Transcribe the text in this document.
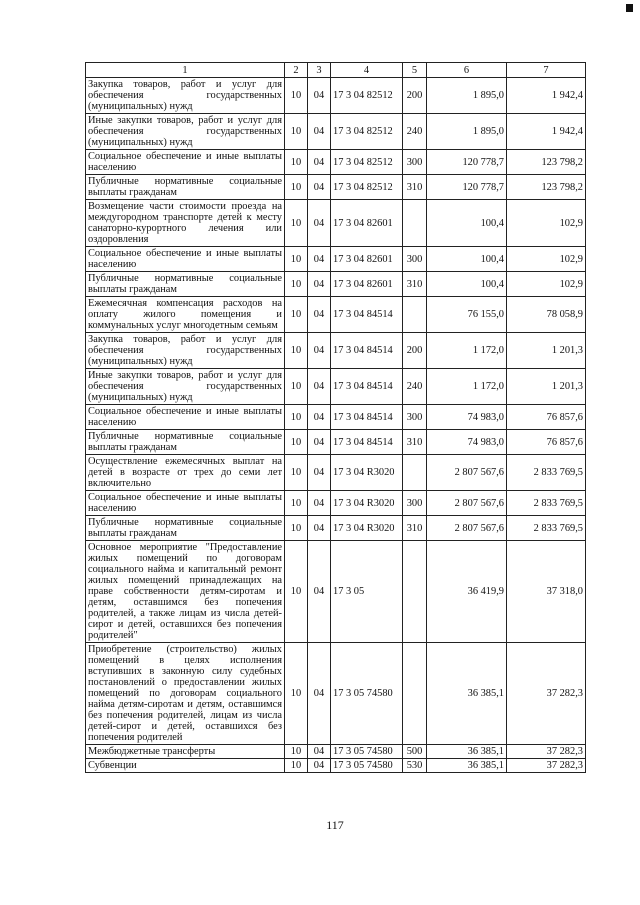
1	2	3	4	5	6	7
Закупка товаров, работ и услуг для обеспечения государственных (муниципальных) нужд	10	04	17 3 04 82512	200	1 895,0	1 942,4
Иные закупки товаров, работ и услуг для обеспечения государственных (муниципальных) нужд	10	04	17 3 04 82512	240	1 895,0	1 942,4
Социальное обеспечение и иные выплаты населению	10	04	17 3 04 82512	300	120 778,7	123 798,2
Публичные нормативные социальные выплаты гражданам	10	04	17 3 04 82512	310	120 778,7	123 798,2
Возмещение части стоимости проезда на междугородном транспорте детей к месту санаторно-курортного лечения или оздоровления	10	04	17 3 04 82601		100,4	102,9
Социальное обеспечение и иные выплаты населению	10	04	17 3 04 82601	300	100,4	102,9
Публичные нормативные социальные выплаты гражданам	10	04	17 3 04 82601	310	100,4	102,9
Ежемесячная компенсация расходов на оплату жилого помещения и коммунальных услуг многодетным семьям	10	04	17 3 04 84514		76 155,0	78 058,9
Закупка товаров, работ и услуг для обеспечения государственных (муниципальных) нужд	10	04	17 3 04 84514	200	1 172,0	1 201,3
Иные закупки товаров, работ и услуг для обеспечения государственных (муниципальных) нужд	10	04	17 3 04 84514	240	1 172,0	1 201,3
Социальное обеспечение и иные выплаты населению	10	04	17 3 04 84514	300	74 983,0	76 857,6
Публичные нормативные социальные выплаты гражданам	10	04	17 3 04 84514	310	74 983,0	76 857,6
Осуществление ежемесячных выплат на детей в возрасте от трех до семи лет включительно	10	04	17 3 04 R3020		2 807 567,6	2 833 769,5
Социальное обеспечение и иные выплаты населению	10	04	17 3 04 R3020	300	2 807 567,6	2 833 769,5
Публичные нормативные социальные выплаты гражданам	10	04	17 3 04 R3020	310	2 807 567,6	2 833 769,5
Основное мероприятие "Предоставление жилых помещений по договорам социального найма и капитальный ремонт жилых помещений принадлежащих на праве собственности детям-сиротам и детям, оставшимся без попечения родителей, а также лицам из числа детей-сирот и детей, оставшихся без попечения родителей"	10	04	17 3 05		36 419,9	37 318,0
Приобретение (строительство) жилых помещений в целях исполнения вступивших в законную силу судебных постановлений о предоставлении жилых помещений по договорам социального найма детям-сиротам и детям, оставшимся без попечения родителей, лицам из числа детей-сирот и детей, оставшихся без попечения родителей	10	04	17 3 05 74580		36 385,1	37 282,3
Межбюджетные трансферты	10	04	17 3 05 74580	500	36 385,1	37 282,3
Субвенции	10	04	17 3 05 74580	530	36 385,1	37 282,3
117
